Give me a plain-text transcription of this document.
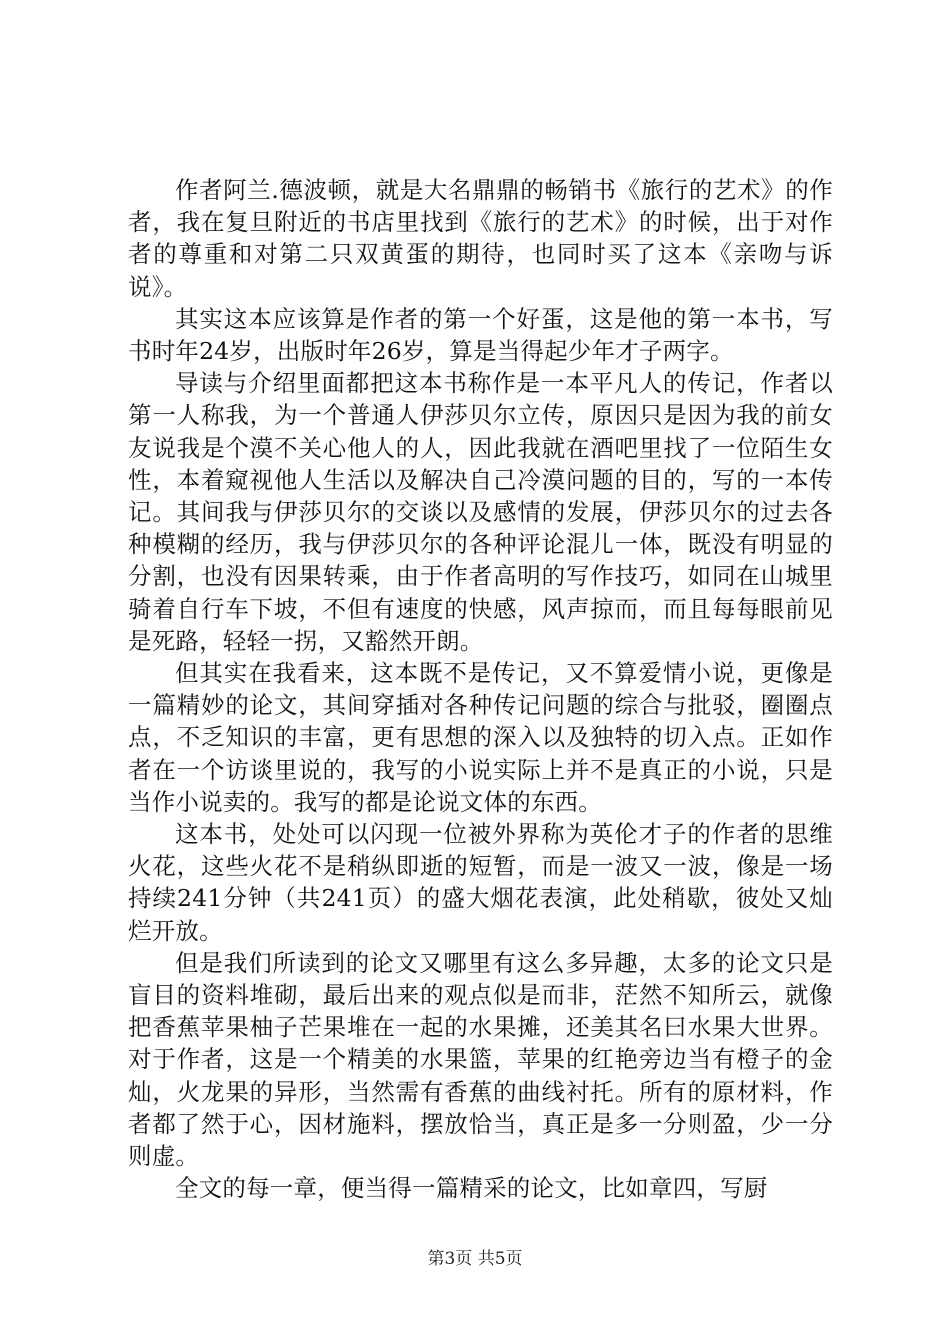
作者阿兰.德波顿，就是大名鼎鼎的畅销书《旅行的艺术》的作者，我在复旦附近的书店里找到《旅行的艺术》的时候，出于对作者的尊重和对第二只双黄蛋的期待，也同时买了这本《亲吻与诉说》。

其实这本应该算是作者的第一个好蛋，这是他的第一本书，写书时年24岁，出版时年26岁，算是当得起少年才子两字。

导读与介绍里面都把这本书称作是一本平凡人的传记，作者以第一人称我，为一个普通人伊莎贝尔立传，原因只是因为我的前女友说我是个漠不关心他人的人，因此我就在酒吧里找了一位陌生女性，本着窥视他人生活以及解决自己冷漠问题的目的，写的一本传记。其间我与伊莎贝尔的交谈以及感情的发展，伊莎贝尔的过去各种模糊的经历，我与伊莎贝尔的各种评论混儿一体，既没有明显的分割，也没有因果转乘，由于作者高明的写作技巧，如同在山城里骑着自行车下坡，不但有速度的快感，风声掠而，而且每每眼前见是死路，轻轻一拐，又豁然开朗。

但其实在我看来，这本既不是传记，又不算爱情小说，更像是一篇精妙的论文，其间穿插对各种传记问题的综合与批驳，圈圈点点，不乏知识的丰富，更有思想的深入以及独特的切入点。正如作者在一个访谈里说的，我写的小说实际上并不是真正的小说，只是当作小说卖的。我写的都是论说文体的东西。

这本书，处处可以闪现一位被外界称为英伦才子的作者的思维火花，这些火花不是稍纵即逝的短暂，而是一波又一波，像是一场持续241分钟（共241页）的盛大烟花表演，此处稍歇，彼处又灿烂开放。

但是我们所读到的论文又哪里有这么多异趣，太多的论文只是盲目的资料堆砌，最后出来的观点似是而非，茫然不知所云，就像把香蕉苹果柚子芒果堆在一起的水果摊，还美其名曰水果大世界。对于作者，这是一个精美的水果篮，苹果的红艳旁边当有橙子的金灿，火龙果的异形，当然需有香蕉的曲线衬托。所有的原材料，作者都了然于心，因材施料，摆放恰当，真正是多一分则盈，少一分则虚。

全文的每一章，便当得一篇精采的论文，比如章四，写厨

第3页 共5页
